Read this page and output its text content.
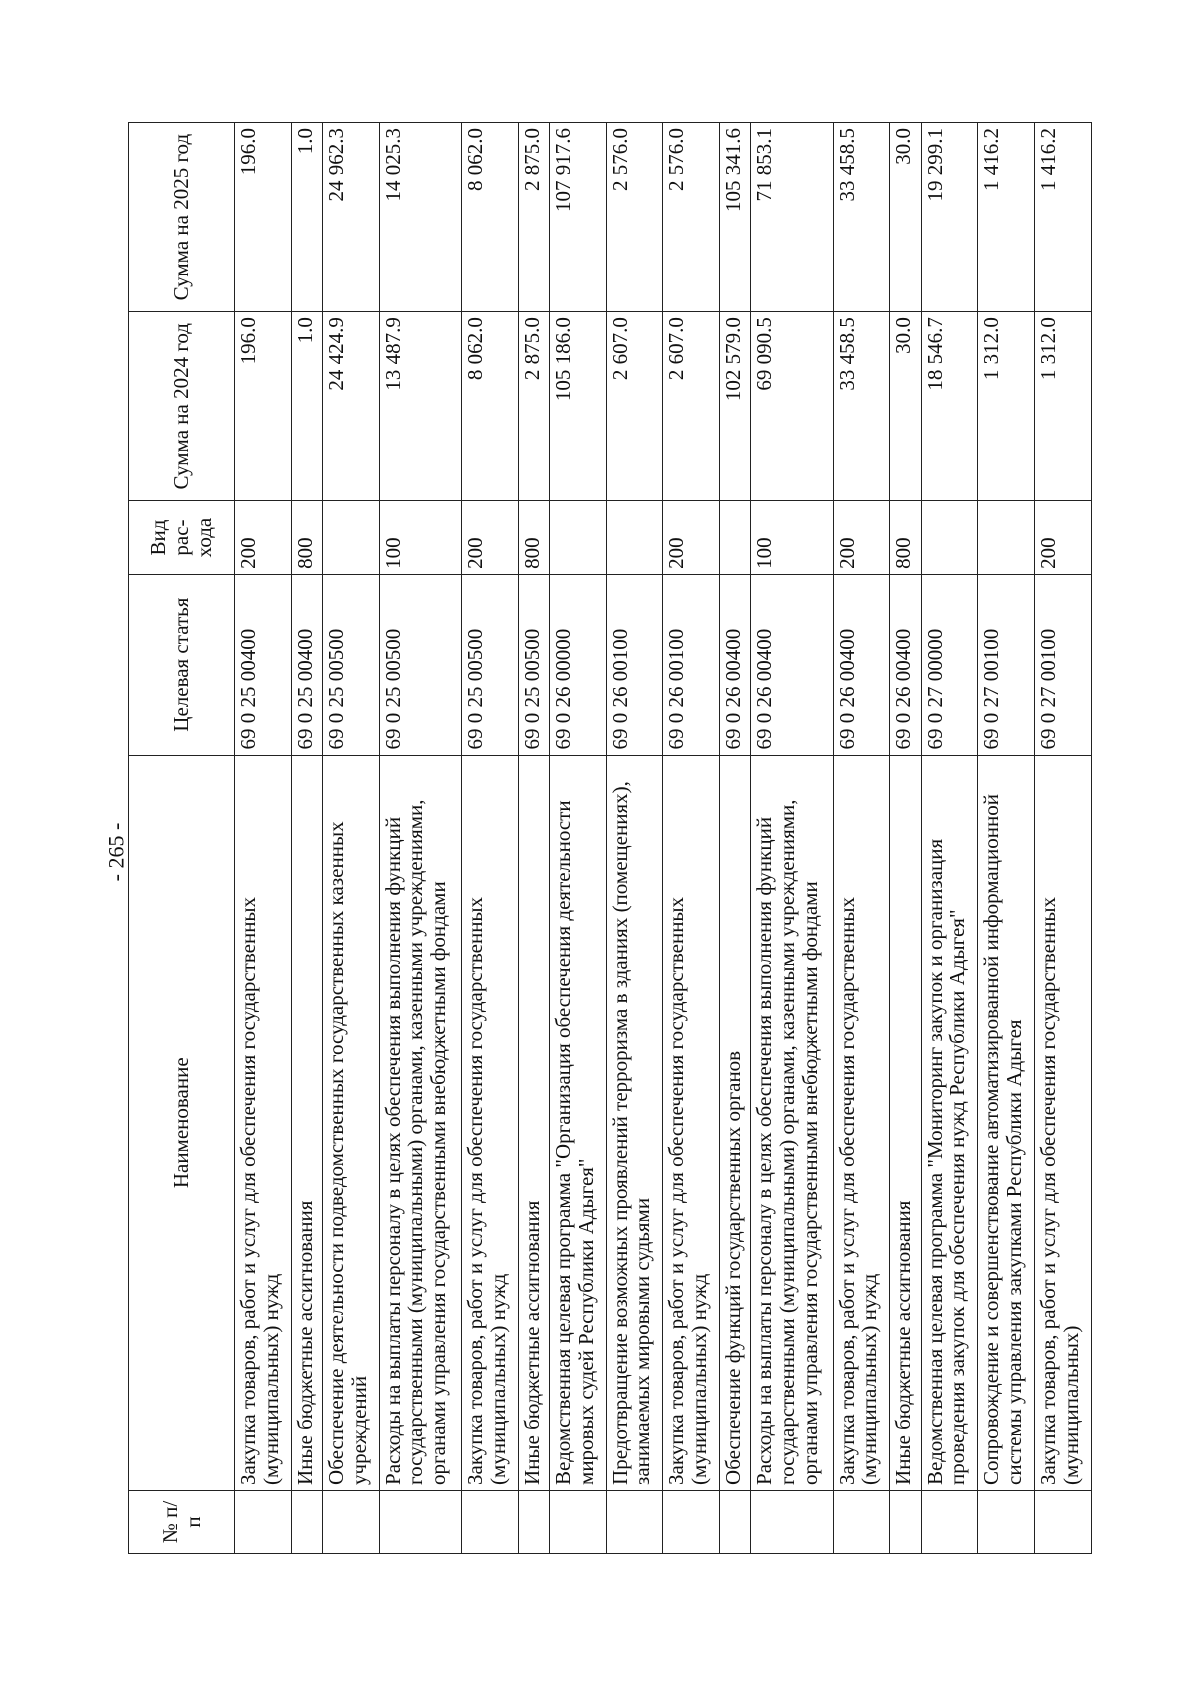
- 265 -
№ п/п	Наименование	Целевая статья	Вид рас- хода	Сумма на 2024 год	Сумма на 2025 год
	Закупка товаров, работ и услуг для обеспечения государственных (муниципальных) нужд	69 0 25 00400	200	196.0	196.0
	Иные бюджетные ассигнования	69 0 25 00400	800	1.0	1.0
	Обеспечение деятельности подведомственных государственных казенных учреждений	69 0 25 00500		24 424.9	24 962.3
	Расходы на выплаты персоналу в целях обеспечения выполнения функций государственными (муниципальными) органами, казенными учреждениями, органами управления государственными внебюджетными фондами	69 0 25 00500	100	13 487.9	14 025.3
	Закупка товаров, работ и услуг для обеспечения государственных (муниципальных) нужд	69 0 25 00500	200	8 062.0	8 062.0
	Иные бюджетные ассигнования	69 0 25 00500	800	2 875.0	2 875.0
	Ведомственная целевая программа "Организация обеспечения деятельности мировых судей Республики Адыгея"	69 0 26 00000		105 186.0	107 917.6
	Предотвращение возможных проявлений терроризма в зданиях (помещениях), занимаемых мировыми судьями	69 0 26 00100		2 607.0	2 576.0
	Закупка товаров, работ и услуг для обеспечения государственных (муниципальных) нужд	69 0 26 00100	200	2 607.0	2 576.0
	Обеспечение функций государственных органов	69 0 26 00400		102 579.0	105 341.6
	Расходы на выплаты персоналу в целях обеспечения выполнения функций государственными (муниципальными) органами, казенными учреждениями, органами управления государственными внебюджетными фондами	69 0 26 00400	100	69 090.5	71 853.1
	Закупка товаров, работ и услуг для обеспечения государственных (муниципальных) нужд	69 0 26 00400	200	33 458.5	33 458.5
	Иные бюджетные ассигнования	69 0 26 00400	800	30.0	30.0
	Ведомственная целевая программа "Мониторинг закупок и организация проведения закупок для обеспечения нужд Республики Адыгея"	69 0 27 00000		18 546.7	19 299.1
	Сопровождение и совершенствование автоматизированной информационной системы управления закупками Республики Адыгея	69 0 27 00100		1 312.0	1 416.2
	Закупка товаров, работ и услуг для обеспечения государственных (муниципальных)	69 0 27 00100	200	1 312.0	1 416.2
